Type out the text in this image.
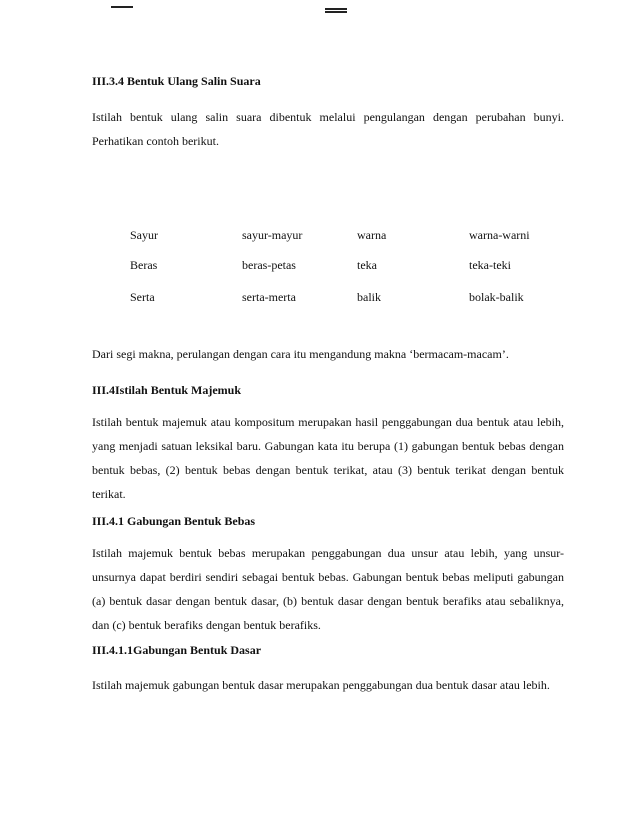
III.3.4 Bentuk Ulang Salin Suara
Istilah bentuk ulang salin suara dibentuk melalui pengulangan dengan perubahan bunyi. Perhatikan contoh berikut.
Sayur	sayur-mayur	warna	warna-warni
Beras	beras-petas	teka	teka-teki
Serta	serta-merta	balik	bolak-balik
Dari segi makna, perulangan dengan cara itu mengandung makna ‘bermacam-macam’.
III.4Istilah Bentuk Majemuk
Istilah bentuk majemuk atau kompositum merupakan hasil penggabungan dua bentuk atau lebih, yang menjadi satuan leksikal baru. Gabungan kata itu berupa (1) gabungan bentuk bebas dengan bentuk bebas, (2) bentuk bebas dengan bentuk terikat, atau (3) bentuk terikat dengan bentuk terikat.
III.4.1 Gabungan Bentuk Bebas
Istilah majemuk bentuk bebas merupakan penggabungan dua unsur atau lebih, yang unsur-unsurnya dapat berdiri sendiri sebagai bentuk bebas. Gabungan bentuk bebas meliputi gabungan (a) bentuk dasar dengan bentuk dasar, (b) bentuk dasar dengan bentuk berafiks atau sebaliknya, dan (c) bentuk berafiks dengan bentuk berafiks.
III.4.1.1Gabungan Bentuk Dasar
Istilah majemuk gabungan bentuk dasar merupakan penggabungan dua bentuk dasar atau lebih.
